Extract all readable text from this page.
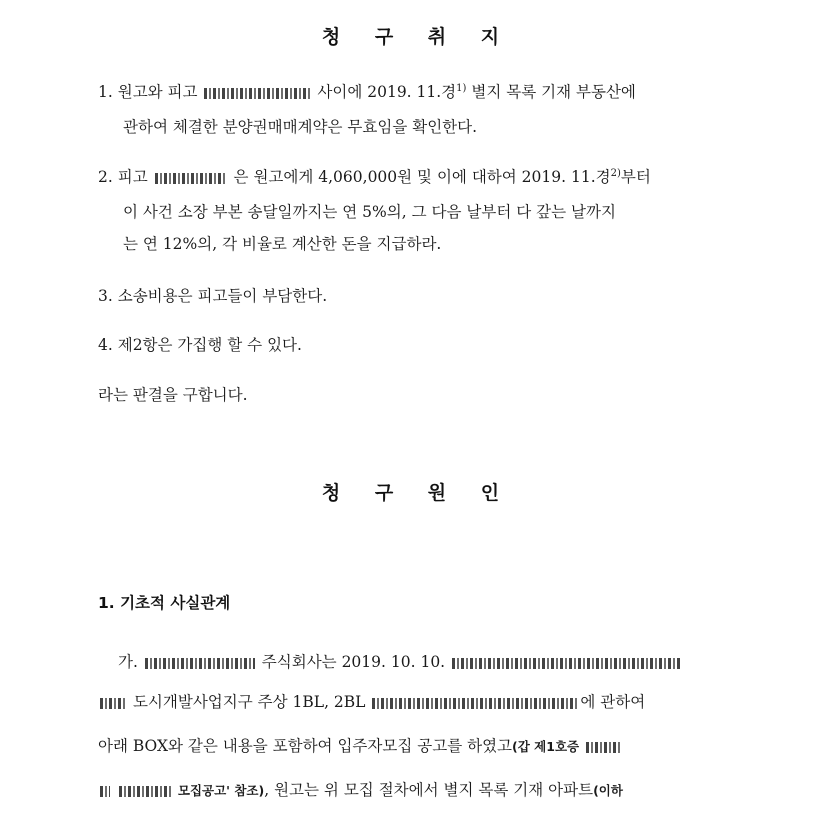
청 구 취 지
1. 원고와 피고	사이에 2019. 11.경$^{1)}$ 별지 목록 기재 부동산에
관하여 체결한 분양권매매계약은 무효임을 확인한다.
2. 피고	은 원고에게 4,060,000원 및 이에 대하여 2019. 11.경$^{2)}$부터
이 사건 소장 부본 송달일까지는 연 5%의, 그 다음 날부터 다 갚는 날까지
는 연 12%의, 각 비율로 계산한 돈을 지급하라.
3. 소송비용은 피고들이 부담한다.
4. 제2항은 가집행 할 수 있다.
라는 판결을 구합니다.
청 구 원 인
1. 기초적 사실관계
가.	주식회사는 2019. 10. 10.
도시개발사업지구 주상 1BL, 2BL	에 관하여
아래 BOX와 같은 내용을 포함하여 입주자모집 공고를 하였고(갑 제1호증
모집공고' 참조), 원고는 위 모집 절차에서 별지 목록 기재 아파트(이하
